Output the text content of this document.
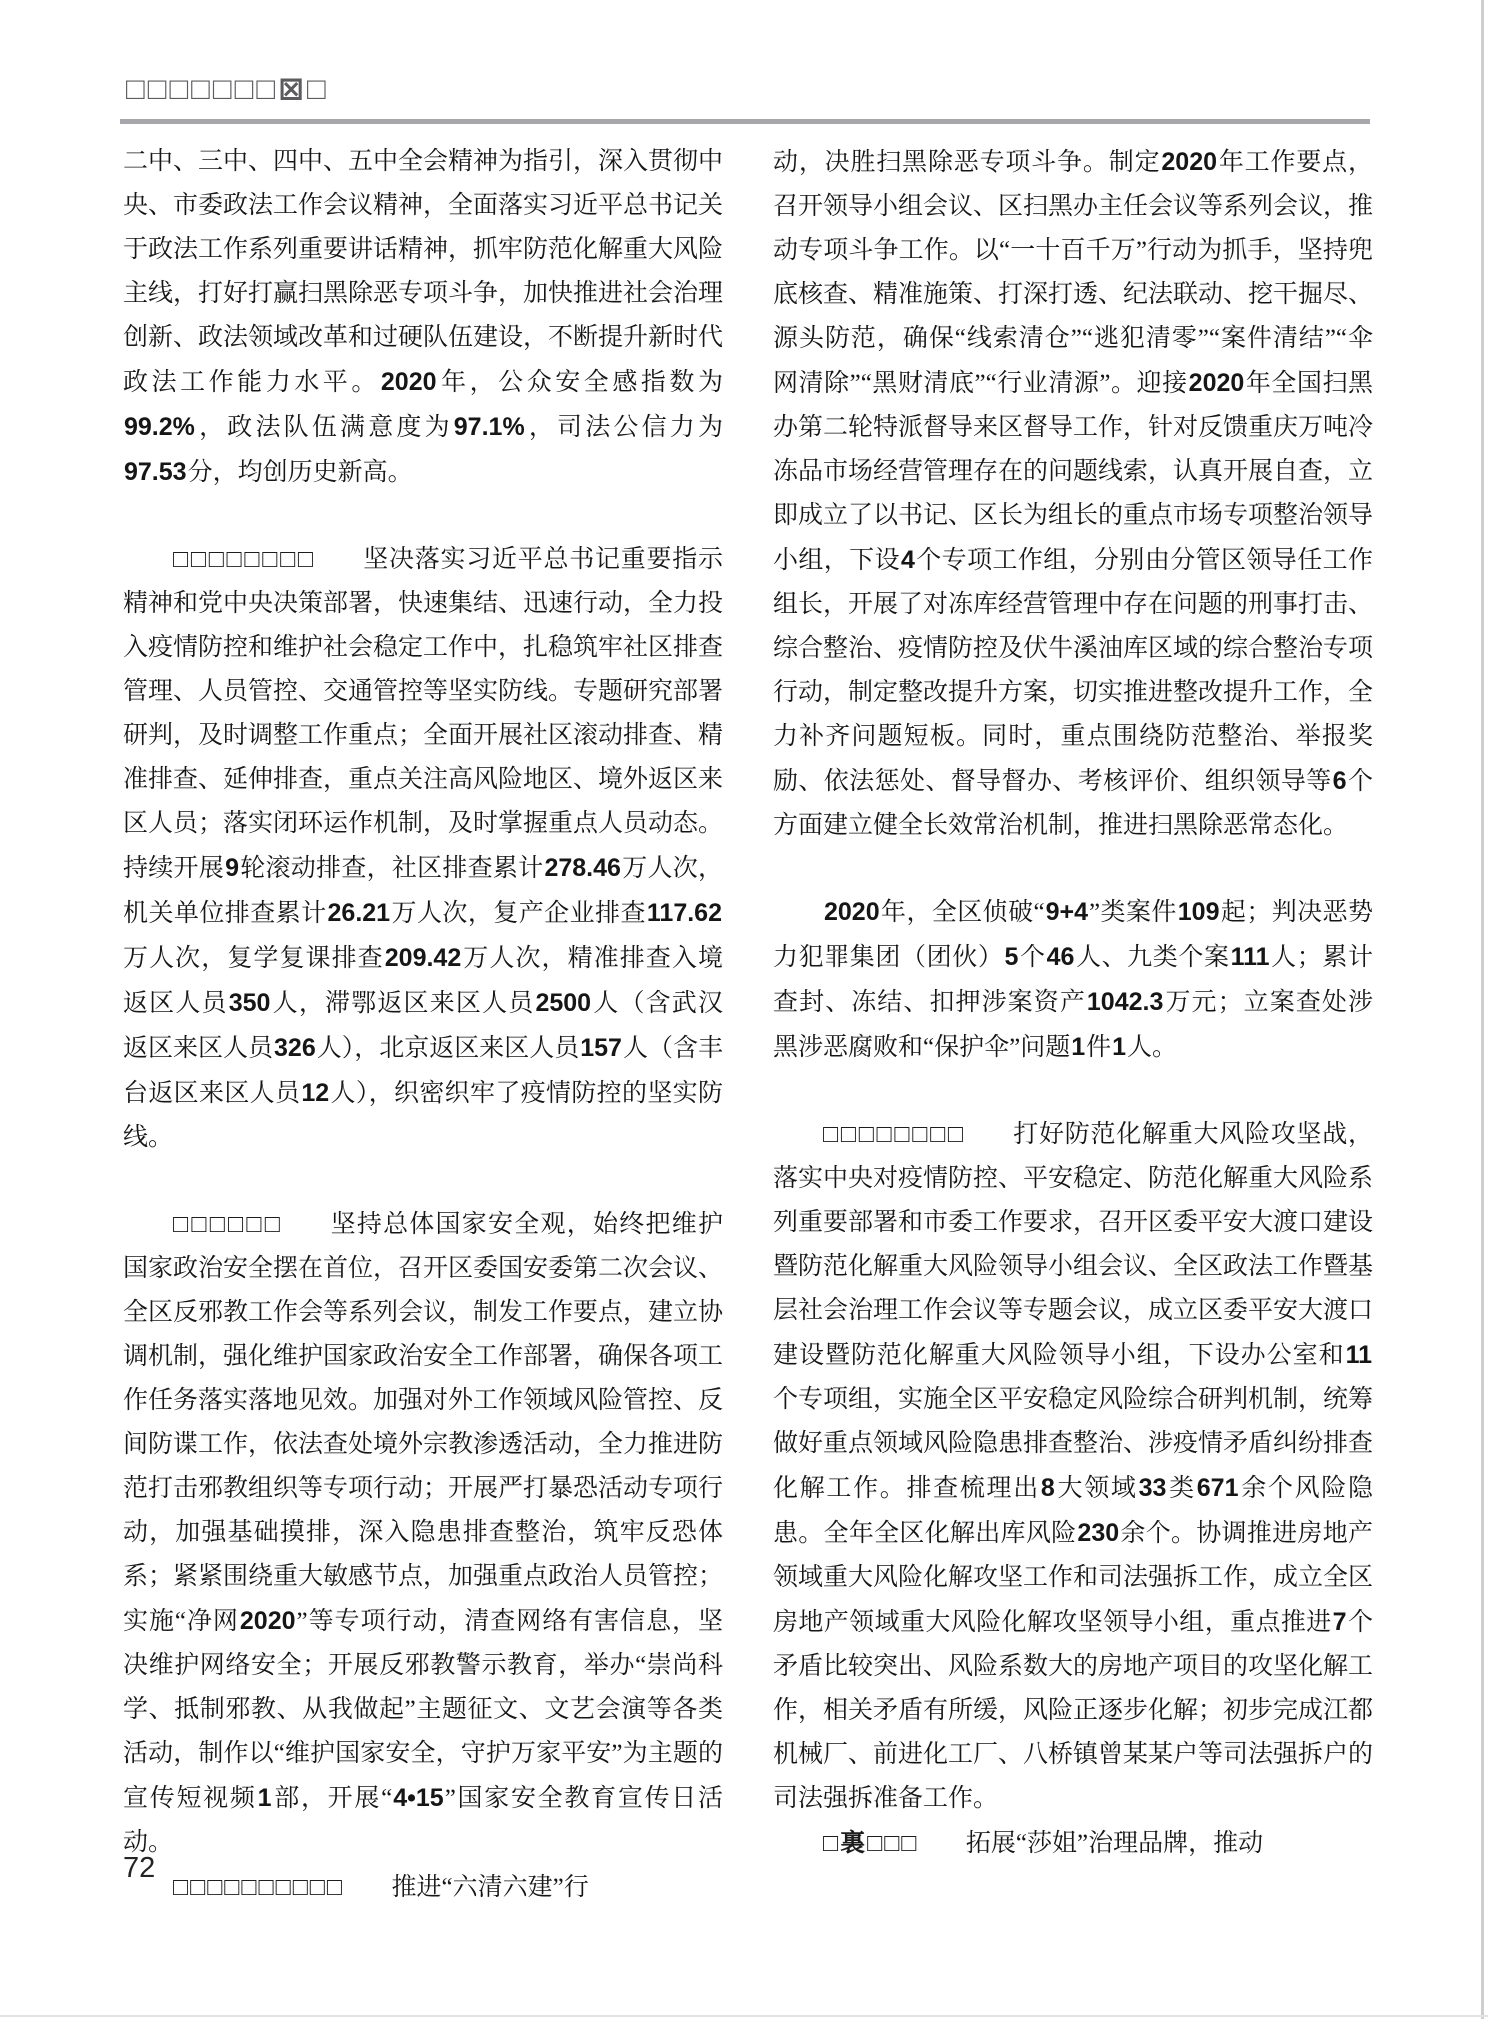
□□□□□□□⊠□

二中、三中、四中、五中全会精神为指引，深入贯彻中央、市委政法工作会议精神，全面落实习近平总书记关于政法工作系列重要讲话精神，抓牢防范化解重大风险主线，打好打赢扫黑除恶专项斗争，加快推进社会治理创新、政法领域改革和过硬队伍建设，不断提升新时代政法工作能力水平。2020年，公众安全感指数为99.2%，政法队伍满意度为97.1%，司法公信力为97.53分，均创历史新高。

□□□□□□□□ 坚决落实习近平总书记重要指示精神和党中央决策部署，快速集结、迅速行动，全力投入疫情防控和维护社会稳定工作中，扎稳筑牢社区排查管理、人员管控、交通管控等坚实防线。专题研究部署研判，及时调整工作重点；全面开展社区滚动排查、精准排查、延伸排查，重点关注高风险地区、境外返区来区人员；落实闭环运作机制，及时掌握重点人员动态。持续开展9轮滚动排查，社区排查累计278.46万人次，机关单位排查累计26.21万人次，复产企业排查117.62万人次，复学复课排查209.42万人次，精准排查入境返区人员350人，滞鄂返区来区人员2500人（含武汉返区来区人员326人），北京返区来区人员157人（含丰台返区来区人员12人），织密织牢了疫情防控的坚实防线。

□□□□□□ 坚持总体国家安全观，始终把维护国家政治安全摆在首位，召开区委国安委第二次会议、全区反邪教工作会等系列会议，制发工作要点，建立协调机制，强化维护国家政治安全工作部署，确保各项工作任务落实落地见效。加强对外工作领域风险管控、反间防谍工作，依法查处境外宗教渗透活动，全力推进防范打击邪教组织等专项行动；开展严打暴恐活动专项行动，加强基础摸排，深入隐患排查整治，筑牢反恐体系；紧紧围绕重大敏感节点，加强重点政治人员管控；实施“净网2020”等专项行动，清查网络有害信息，坚决维护网络安全；开展反邪教警示教育，举办“崇尚科学、抵制邪教、从我做起”主题征文、文艺会演等各类活动，制作以“维护国家安全，守护万家平安”为主题的宣传短视频1部，开展“4•15”国家安全教育宣传日活动。

□□□□□□□□□□ 推进“六清六建”行

动，决胜扫黑除恶专项斗争。制定2020年工作要点，召开领导小组会议、区扫黑办主任会议等系列会议，推动专项斗争工作。以“一十百千万”行动为抓手，坚持兜底核查、精准施策、打深打透、纪法联动、挖干掘尽、源头防范，确保“线索清仓”“逃犯清零”“案件清结”“伞网清除”“黑财清底”“行业清源”。迎接2020年全国扫黑办第二轮特派督导来区督导工作，针对反馈重庆万吨冷冻品市场经营管理存在的问题线索，认真开展自查，立即成立了以书记、区长为组长的重点市场专项整治领导小组，下设4个专项工作组，分别由分管区领导任工作组长，开展了对冻库经营管理中存在问题的刑事打击、综合整治、疫情防控及伏牛溪油库区域的综合整治专项行动，制定整改提升方案，切实推进整改提升工作，全力补齐问题短板。同时，重点围绕防范整治、举报奖励、依法惩处、督导督办、考核评价、组织领导等6个方面建立健全长效常治机制，推进扫黑除恶常态化。

2020年，全区侦破“9+4”类案件109起；判决恶势力犯罪集团（团伙）5个46人、九类个案111人；累计查封、冻结、扣押涉案资产1042.3万元；立案查处涉黑涉恶腐败和“保护伞”问题1件1人。

□□□□□□□□ 打好防范化解重大风险攻坚战，落实中央对疫情防控、平安稳定、防范化解重大风险系列重要部署和市委工作要求，召开区委平安大渡口建设暨防范化解重大风险领导小组会议、全区政法工作暨基层社会治理工作会议等专题会议，成立区委平安大渡口建设暨防范化解重大风险领导小组，下设办公室和11个专项组，实施全区平安稳定风险综合研判机制，统筹做好重点领域风险隐患排查整治、涉疫情矛盾纠纷排查化解工作。排查梳理出8大领域33类671余个风险隐患。全年全区化解出库风险230余个。协调推进房地产领域重大风险化解攻坚工作和司法强拆工作，成立全区房地产领域重大风险化解攻坚领导小组，重点推进7个矛盾比较突出、风险系数大的房地产项目的攻坚化解工作，相关矛盾有所缓，风险正逐步化解；初步完成江都机械厂、前进化工厂、八桥镇曾某某户等司法强拆户的司法强拆准备工作。

□裏□□□ 拓展“莎姐”治理品牌，推动

72
